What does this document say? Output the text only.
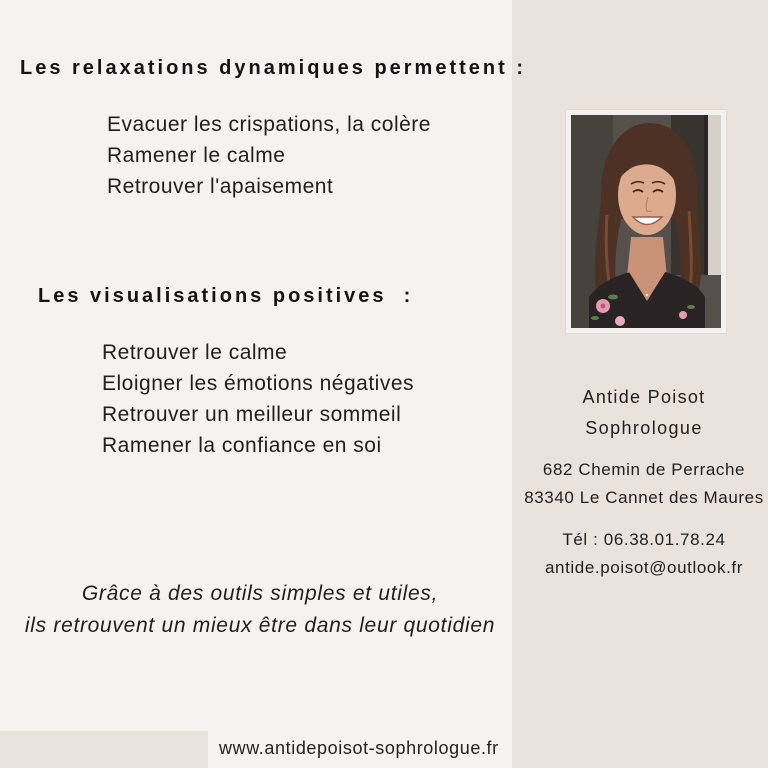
Les relaxations dynamiques permettent :
Evacuer les crispations, la colère
Ramener le calme
Retrouver l'apaisement
Les visualisations positives  :
Retrouver le calme
Eloigner les émotions négatives
Retrouver un meilleur sommeil
Ramener la confiance en soi
Grâce à des outils simples et utiles,
ils retrouvent un mieux être dans leur quotidien
www.antidepoisot-sophrologue.fr
Antide Poisot
Sophrologue
682 Chemin de Perrache
83340 Le Cannet des Maures
Tél : 06.38.01.78.24
antide.poisot@outlook.fr
